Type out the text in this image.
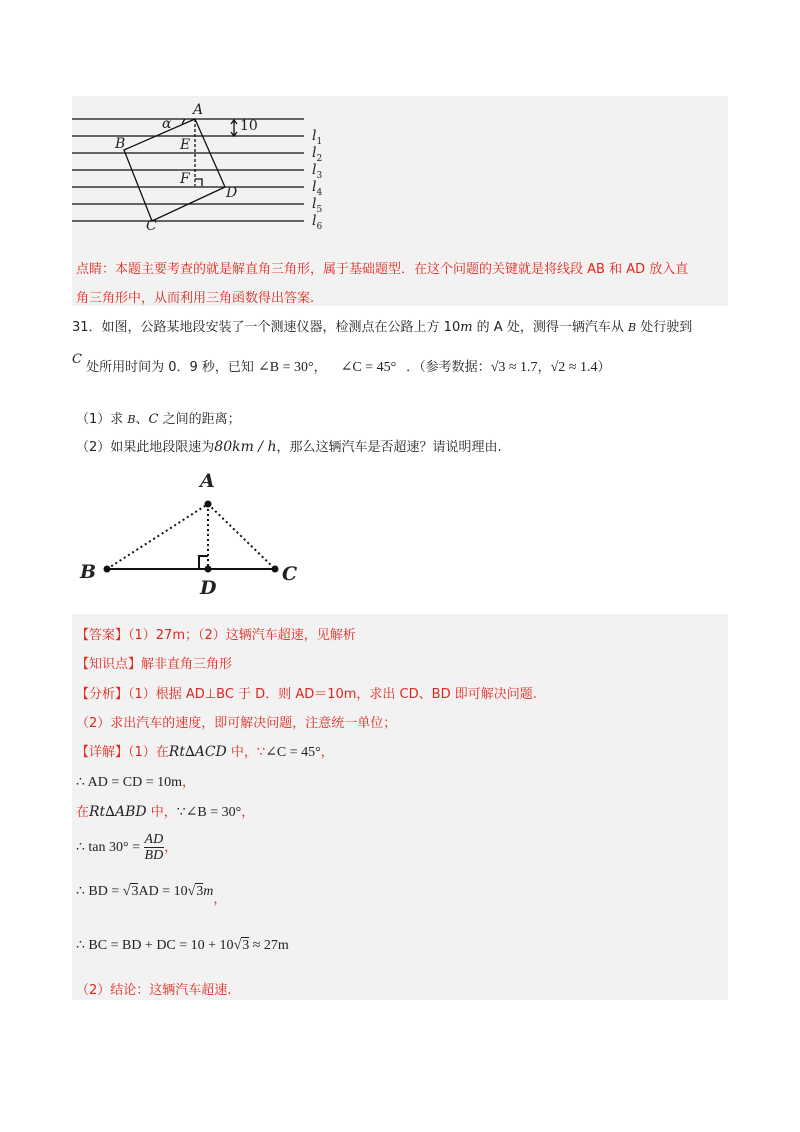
A
α	10
B	E
F
D
C
$l_1$
$l_2$
$l_3$
$l_4$
$l_5$
$l_6$
点睛：本题主要考查的就是解直角三角形，属于基础题型．在这个问题的关键就是将线段 AB 和 AD 放入直
角三角形中，从而利用三角函数得出答案.
31．如图，公路某地段安装了一个测速仪器，检测点在公路上方 10m 的 A 处，测得一辆汽车从 B 处行驶到
C 处所用时间为 0．9 秒，已知 ∠B = 30°， ∠C = 45° ．（参考数据：√3 ≈ 1.7，√2 ≈ 1.4）
（1）求 B、C 之间的距离；
（2）如果此地段限速为80km / h，那么这辆汽车是否超速？请说明理由.
A
B	C
D
【答案】（1）27m；（2）这辆汽车超速，见解析
【知识点】解非直角三角形
【分析】（1）根据 AD⊥BC 于 D．则 AD＝10m，求出 CD、BD 即可解决问题.
（2）求出汽车的速度，即可解决问题，注意统一单位；
【详解】（1）在Rt∆ACD 中，∵∠C = 45°，
∴ AD = CD = 10m，
在Rt∆ABD 中，∵∠B = 30°，
∴ $\tan 30^\circ = \frac{AD}{BD}$ ，
∴ BD = √3AD = 10√3m，
∴ BC = BD + DC = 10 + 10√3 ≈ 27m
（2）结论：这辆汽车超速.
